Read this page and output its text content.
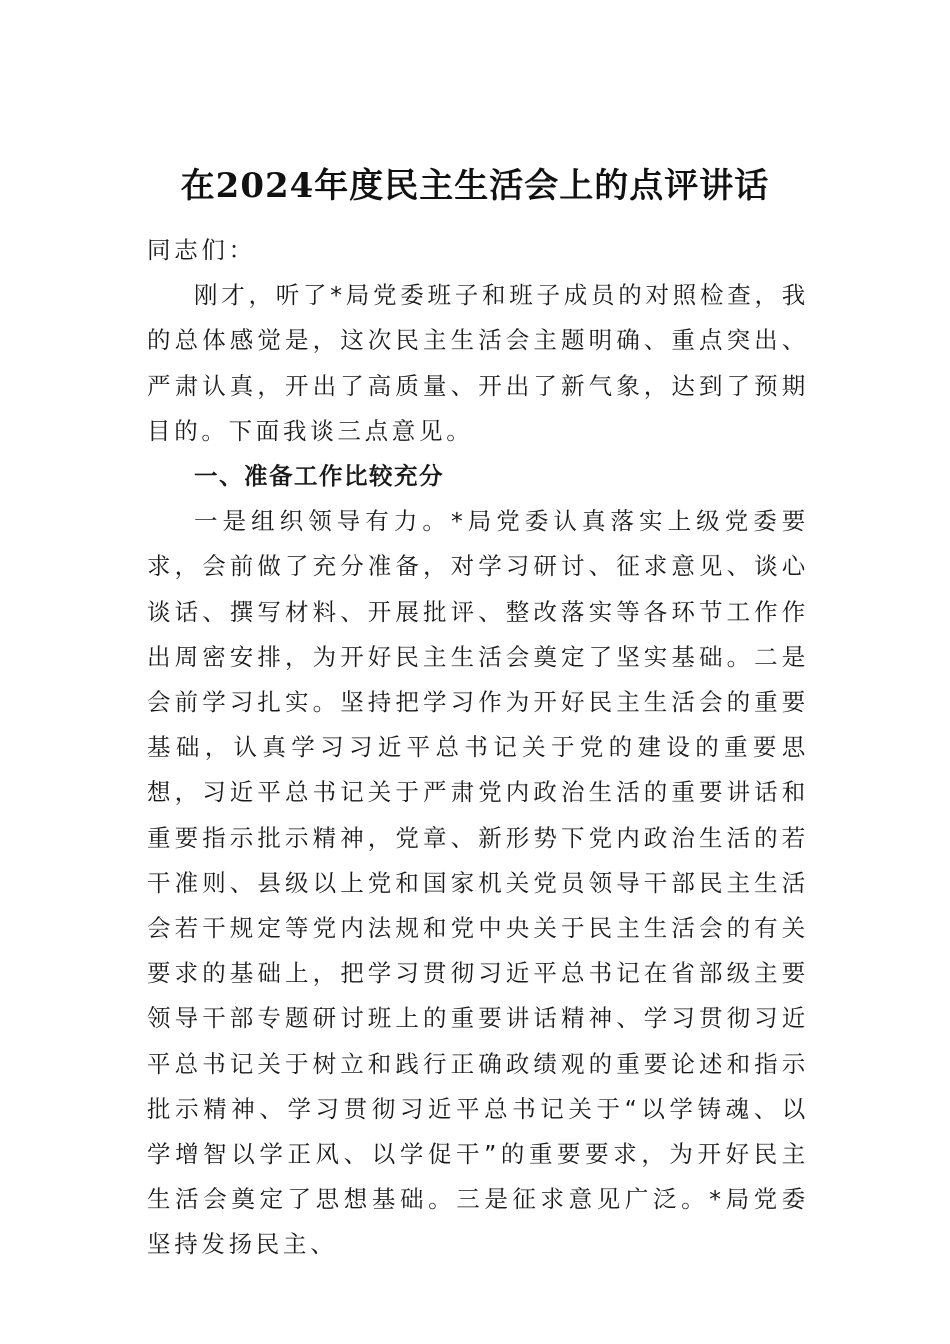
在2024年度民主生活会上的点评讲话

同志们：

刚才，听了*局党委班子和班子成员的对照检查，我的总体感觉是，这次民主生活会主题明确、重点突出、严肃认真，开出了高质量、开出了新气象，达到了预期目的。下面我谈三点意见。

一、准备工作比较充分

一是组织领导有力。*局党委认真落实上级党委要求，会前做了充分准备，对学习研讨、征求意见、谈心谈话、撰写材料、开展批评、整改落实等各环节工作作出周密安排，为开好民主生活会奠定了坚实基础。二是会前学习扎实。坚持把学习作为开好民主生活会的重要基础，认真学习习近平总书记关于党的建设的重要思想，习近平总书记关于严肃党内政治生活的重要讲话和重要指示批示精神，党章、新形势下党内政治生活的若干准则、县级以上党和国家机关党员领导干部民主生活会若干规定等党内法规和党中央关于民主生活会的有关要求的基础上，把学习贯彻习近平总书记在省部级主要领导干部专题研讨班上的重要讲话精神、学习贯彻习近平总书记关于树立和践行正确政绩观的重要论述和指示批示精神、学习贯彻习近平总书记关于“以学铸魂、以学增智以学正风、以学促干”的重要要求，为开好民主生活会奠定了思想基础。三是征求意见广泛。*局党委坚持发扬民主、
